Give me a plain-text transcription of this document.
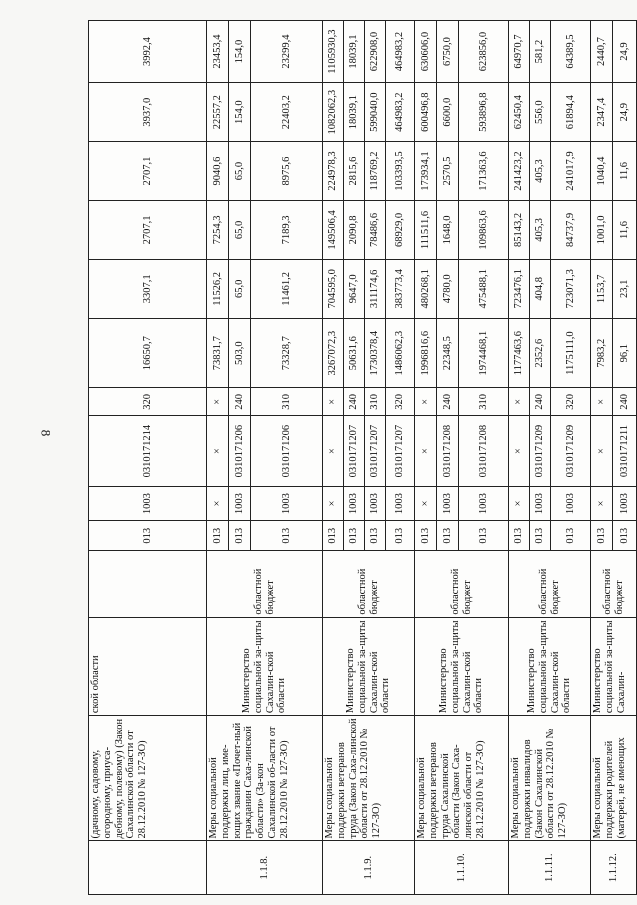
8
	(дачному, садовому, огородному, приуса-дебному, полевому) (Закон Сахалинской области от 28.12.2010 № 127-ЗО)	ской области		013	1003	0310171214	320	16650,7	3307,1	2707,1	2707,1	3937,0	3992,4
1.1.8.	Меры социальной поддержки лиц, име-ющих звание «Почет-ный гражданин Саха-линской области» (За-кон Сахалинской об-ласти от 28.12.2010 № 127-ЗО)	Министерство социальной за-щиты Сахалин-ской области	областной бюджет	013	×	×	×	73831,7	11526,2	7254,3	9040,6	22557,2	23453,4
				013	1003	0310171206	240	503,0	65,0	65,0	65,0	154,0	154,0
				013	1003	0310171206	310	73328,7	11461,2	7189,3	8975,6	22403,2	23299,4
1.1.9.	Меры социальной поддержки ветеранов труда (Закон Саха-линской области от 28.12.2010 № 127-ЗО)	Министерство социальной за-щиты Сахалин-ской области	областной бюджет	013	×	×	×	3267072,3	704595,0	149506,4	224978,3	1082062,3	1105930,3
				013	1003	0310171207	240	50631,6	9647,0	2090,8	2815,6	18039,1	18039,1
				013	1003	0310171207	310	1730378,4	311174,6	78486,6	118769,2	599040,0	622908,0
				013	1003	0310171207	320	1486062,3	383773,4	68929,0	103393,5	464983,2	464983,2
1.1.10.	Меры социальной поддержки ветеранов труда Сахалинской области (Закон Саха-линской области от 28.12.2010 № 127-ЗО)	Министерство социальной за-щиты Сахалин-ской области	областной бюджет	013	×	×	×	1996816,6	480268,1	111511,6	173934,1	600496,8	630606,0
				013	1003	0310171208	240	22348,5	4780,0	1648,0	2570,5	6600,0	6750,0
				013	1003	0310171208	310	1974468,1	475488,1	109863,6	171363,6	593896,8	623856,0
1.1.11.	Меры социальной поддержки инвалидов (Закон Сахалинской области от 28.12.2010 № 127-ЗО)	Министерство социальной за-щиты Сахалин-ской области	областной бюджет	013	×	×	×	1177463,6	723476,1	85143,2	241423,2	62450,4	64970,7
				013	1003	0310171209	240	2352,6	404,8	405,3	405,3	556,0	581,2
				013	1003	0310171209	320	1175111,0	723071,3	84737,9	241017,9	61894,4	64389,5
1.1.12.	Меры социальной поддержки родителей (матерей, не имеющих	Министерство социальной за-щиты Сахалин-	областной бюджет	013	×	×	×	7983,2	1153,7	1001,0	1040,4	2347,4	2440,7
				013	1003	0310171211	240	96,1	23,1	11,6	11,6	24,9	24,9
